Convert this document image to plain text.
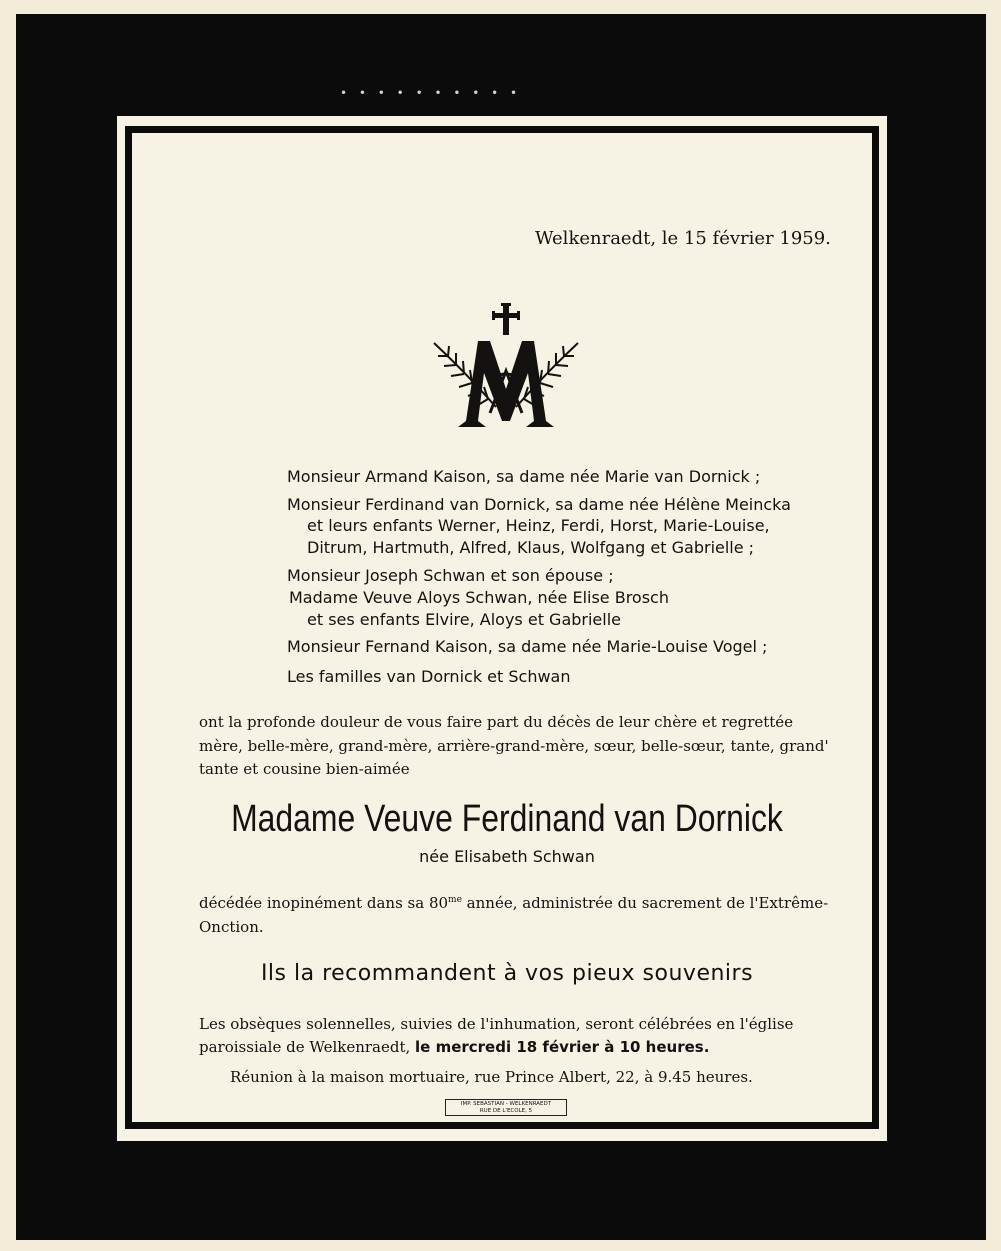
• • • • • • • • • •
Welkenraedt, le 15 février 1959.
Monsieur Armand Kaison, sa dame née Marie van Dornick ;
Monsieur Ferdinand van Dornick, sa dame née Hélène Meincka
et leurs enfants Werner, Heinz, Ferdi, Horst, Marie-Louise,
Ditrum, Hartmuth, Alfred, Klaus, Wolfgang et Gabrielle ;
Monsieur Joseph Schwan et son épouse ;
Madame Veuve Aloys Schwan, née Elise Brosch
et ses enfants Elvire, Aloys et Gabrielle
Monsieur Fernand Kaison, sa dame née Marie-Louise Vogel ;
Les familles van Dornick et Schwan
ont la profonde douleur de vous faire part du décès de leur chère et regrettée
mère, belle-mère, grand-mère, arrière-grand-mère, sœur, belle-sœur, tante, grand'
tante et cousine bien-aimée
Madame Veuve Ferdinand van Dornick
née Elisabeth Schwan
décédée inopinément dans sa $80^{me}$ année, administrée du sacrement de l'Extrême-
Onction.
Ils la recommandent à vos pieux souvenirs
Les obsèques solennelles, suivies de l'inhumation, seront célébrées en l'église
paroissiale de Welkenraedt, le mercredi 18 février à 10 heures.
Réunion à la maison mortuaire, rue Prince Albert, 22, à 9.45 heures.
IMP. SEBASTIAN - WELKENRAEDT
RUE DE L'ECOLE, 5
